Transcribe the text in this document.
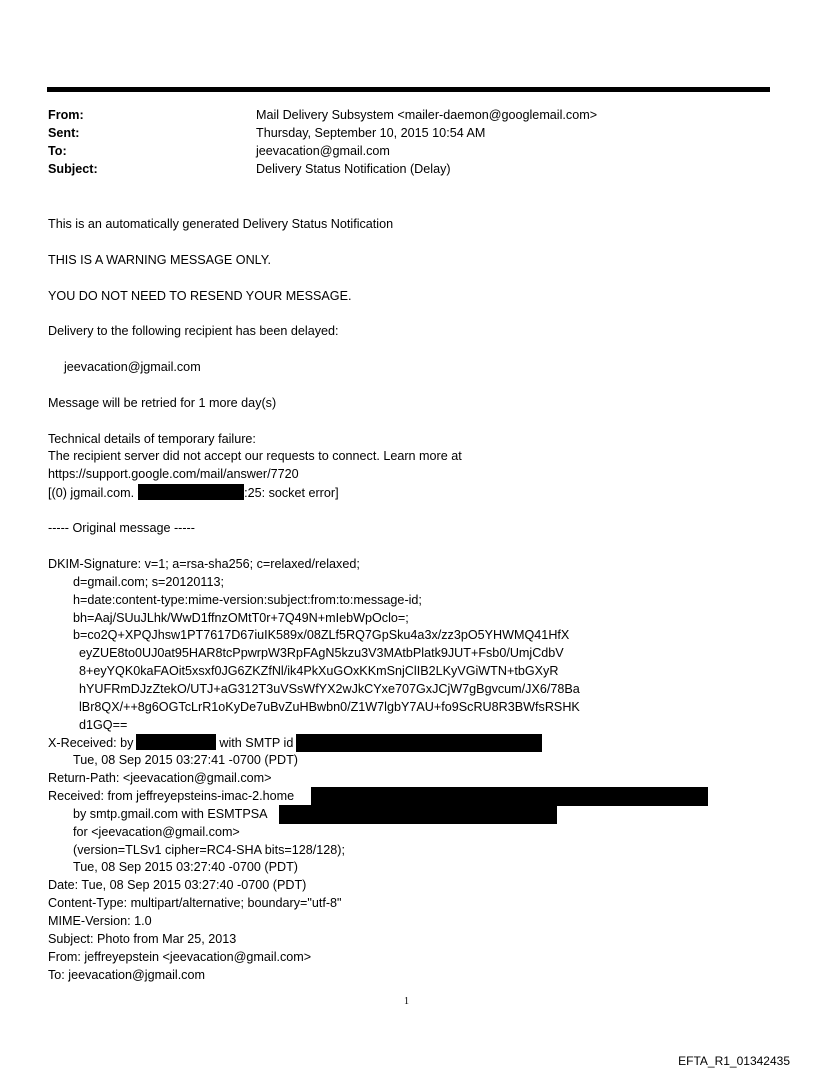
From:	Mail Delivery Subsystem <mailer-daemon@googlemail.com>
Sent:	Thursday, September 10, 2015 10:54 AM
To:	jeevacation@gmail.com
Subject:	Delivery Status Notification (Delay)
This is an automatically generated Delivery Status Notification
THIS IS A WARNING MESSAGE ONLY.
YOU DO NOT NEED TO RESEND YOUR MESSAGE.
Delivery to the following recipient has been delayed:
jeevacation@jgmail.com
Message will be retried for 1 more day(s)
Technical details of temporary failure:
The recipient server did not accept our requests to connect. Learn more at
https://support.google.com/mail/answer/7720
[(0) jgmail.com.	:25: socket error]
----- Original message -----
DKIM-Signature: v=1; a=rsa-sha256; c=relaxed/relaxed;
d=gmail.com; s=20120113;
h=date:content-type:mime-version:subject:from:to:message-id;
bh=Aaj/SUuJLhk/WwD1ffnzOMtT0r+7Q49N+mIebWpOclo=;
b=co2Q+XPQJhsw1PT7617D67iuIK589x/08ZLf5RQ7GpSku4a3x/zz3pO5YHWMQ41HfX
eyZUE8to0UJ0at95HAR8tcPpwrpW3RpFAgN5kzu3V3MAtbPlatk9JUT+Fsb0/UmjCdbV
8+eyYQK0kaFAOit5xsxf0JG6ZKZfNl/ik4PkXuGOxKKmSnjClIB2LKyVGiWTN+tbGXyR
hYUFRmDJzZtekO/UTJ+aG312T3uVSsWfYX2wJkCYxe707GxJCjW7gBgvcum/JX6/78Ba
lBr8QX/++8g6OGTcLrR1oKyDe7uBvZuHBwbn0/Z1W7lgbY7AU+fo9ScRU8R3BWfsRSHK
d1GQ==
X-Received: by	with SMTP id
Tue, 08 Sep 2015 03:27:41 -0700 (PDT)
Return-Path: <jeevacation@gmail.com>
Received: from jeffreyepsteins-imac-2.home
by smtp.gmail.com with ESMTPSA
for <jeevacation@gmail.com>
(version=TLSv1 cipher=RC4-SHA bits=128/128);
Tue, 08 Sep 2015 03:27:40 -0700 (PDT)
Date: Tue, 08 Sep 2015 03:27:40 -0700 (PDT)
Content-Type: multipart/alternative; boundary="utf-8"
MIME-Version: 1.0
Subject: Photo from Mar 25, 2013
From: jeffreyepstein <jeevacation@gmail.com>
To: jeevacation@jgmail.com
1
EFTA_R1_01342435
